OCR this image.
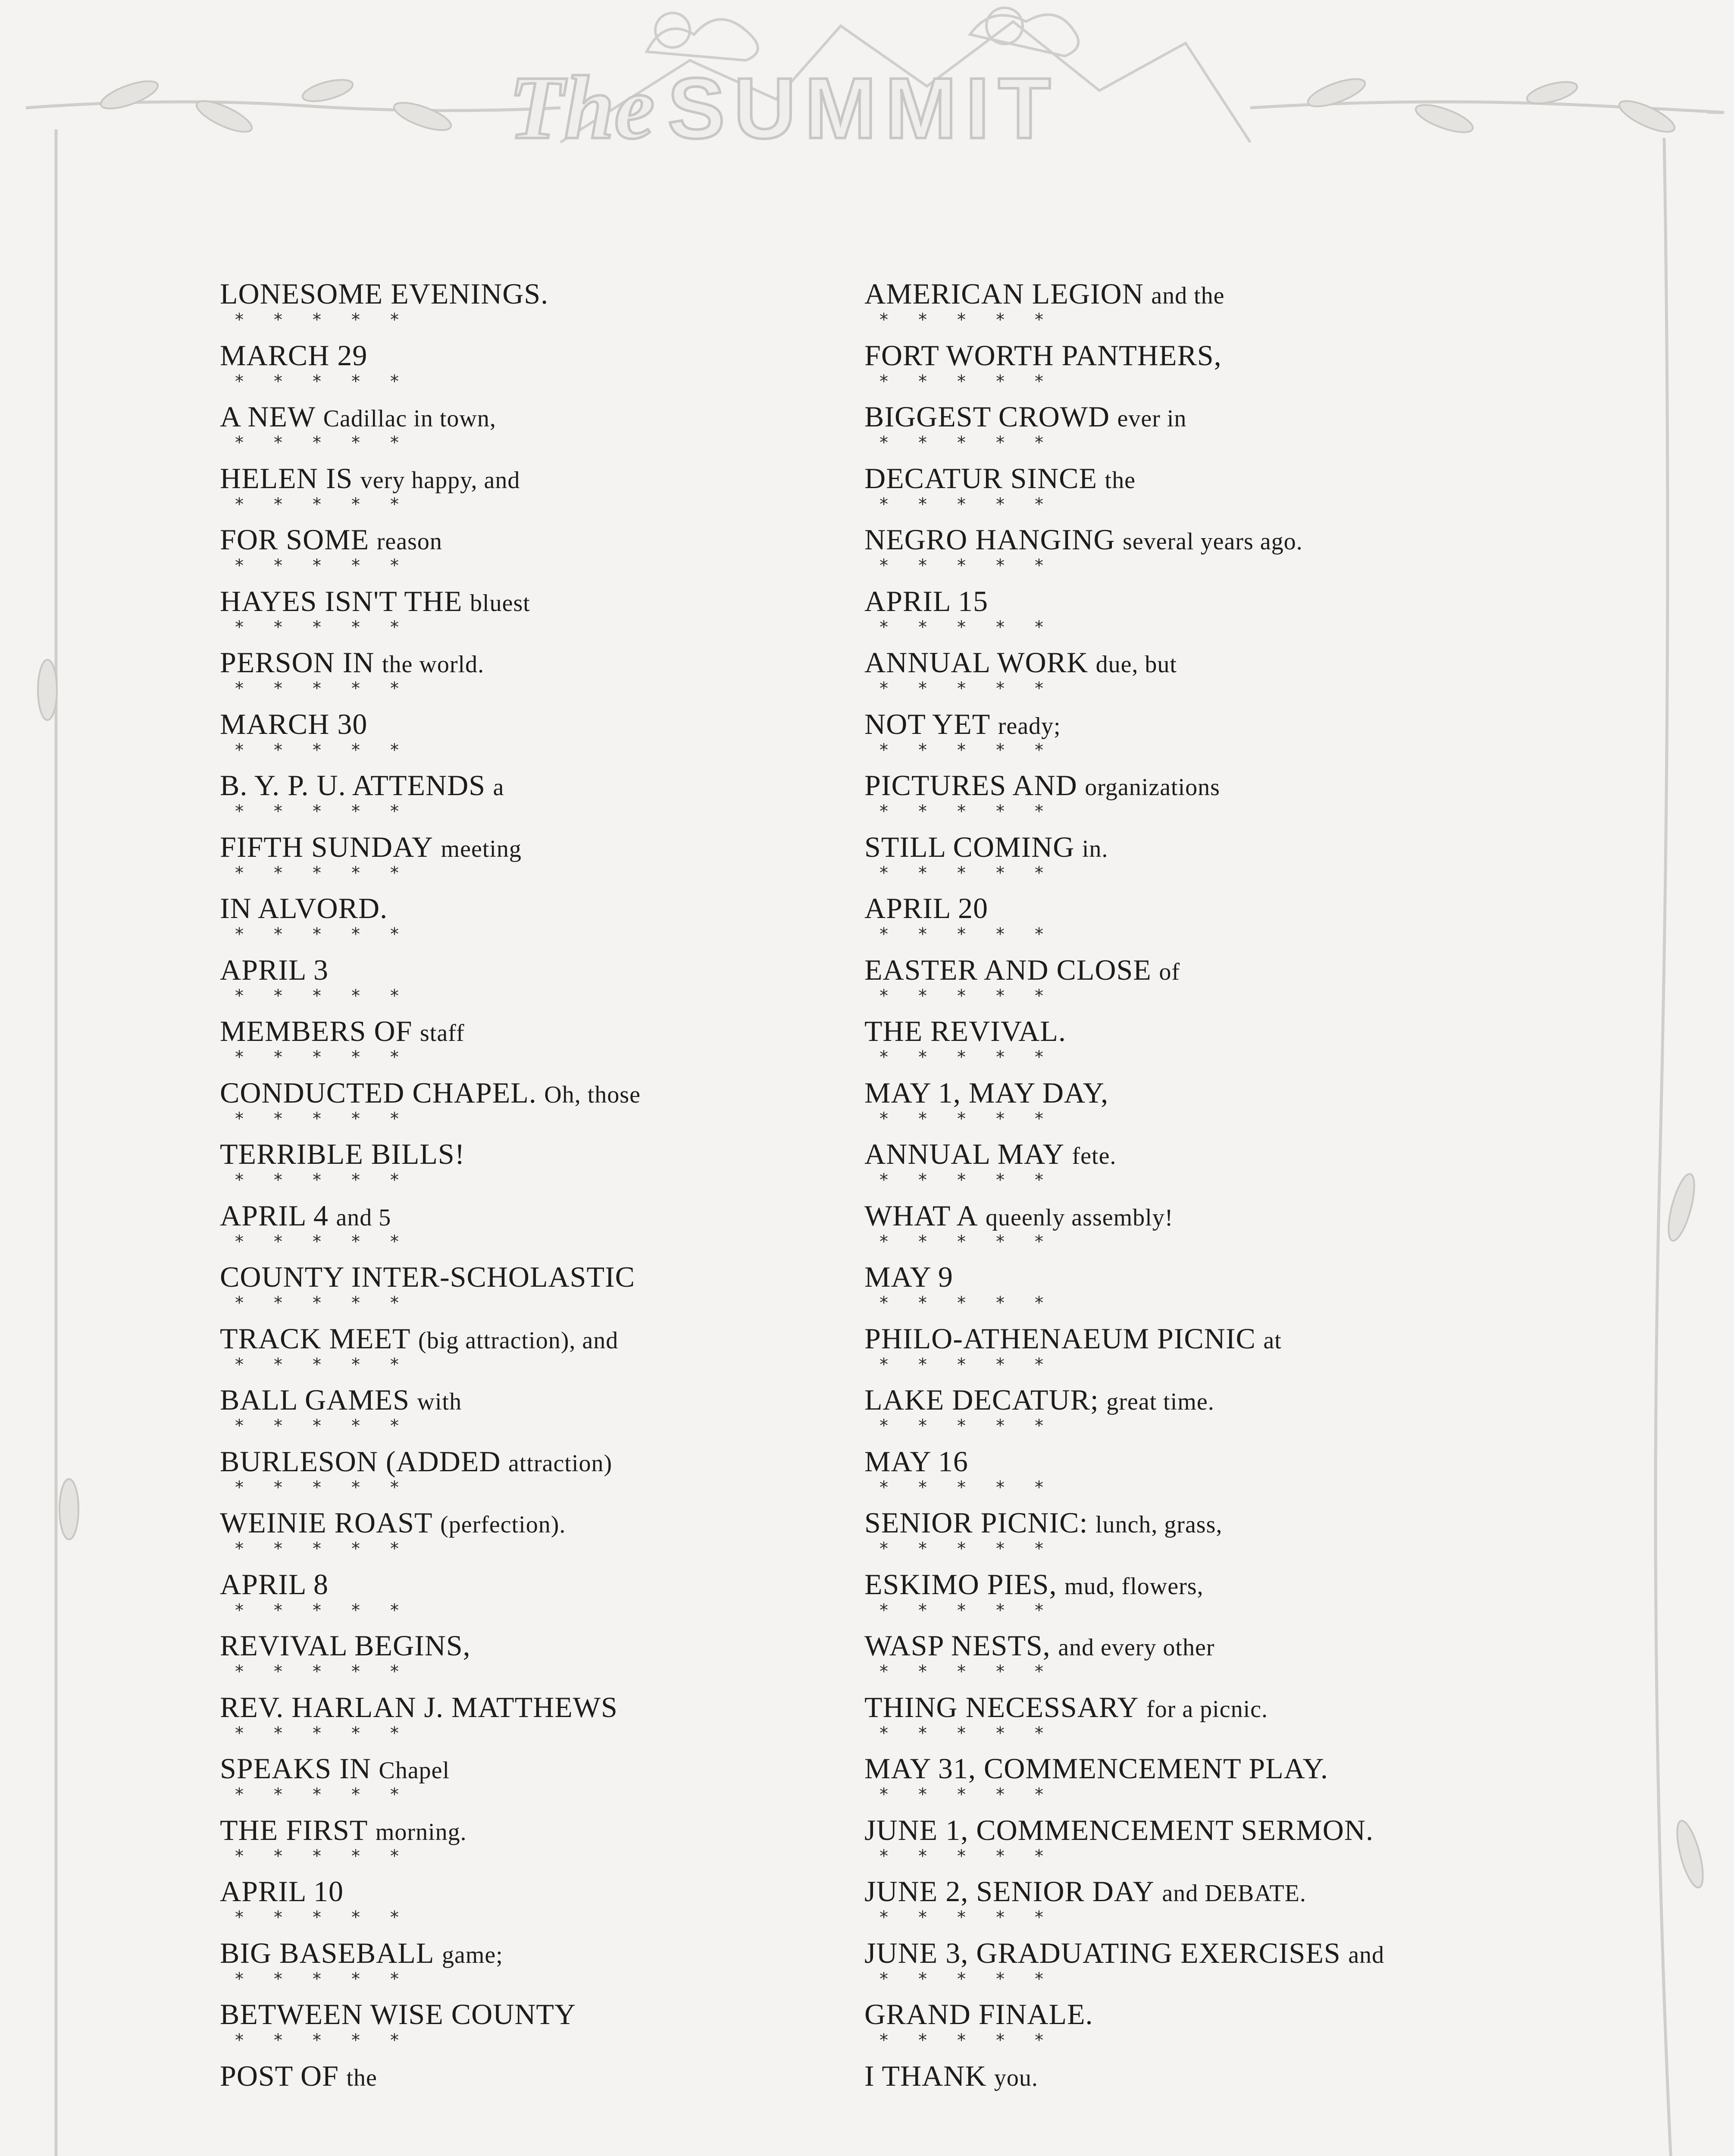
The SUMMIT
LONESOME EVENINGS.
* * * * *
MARCH 29
* * * * *
A NEW Cadillac in town,
* * * * *
HELEN IS very happy, and
* * * * *
FOR SOME reason
* * * * *
HAYES ISN'T THE bluest
* * * * *
PERSON IN the world.
* * * * *
MARCH 30
* * * * *
B. Y. P. U. ATTENDS a
* * * * *
FIFTH SUNDAY meeting
* * * * *
IN ALVORD.
* * * * *
APRIL 3
* * * * *
MEMBERS OF staff
* * * * *
CONDUCTED CHAPEL. Oh, those
* * * * *
TERRIBLE BILLS!
* * * * *
APRIL 4 and 5
* * * * *
COUNTY INTER-SCHOLASTIC
* * * * *
TRACK MEET (big attraction), and
* * * * *
BALL GAMES with
* * * * *
BURLESON (ADDED attraction)
* * * * *
WEINIE ROAST (perfection).
* * * * *
APRIL 8
* * * * *
REVIVAL BEGINS,
* * * * *
REV. HARLAN J. MATTHEWS
* * * * *
SPEAKS IN Chapel
* * * * *
THE FIRST morning.
* * * * *
APRIL 10
* * * * *
BIG BASEBALL game;
* * * * *
BETWEEN WISE COUNTY
* * * * *
POST OF the
AMERICAN LEGION and the
* * * * *
FORT WORTH PANTHERS,
* * * * *
BIGGEST CROWD ever in
* * * * *
DECATUR SINCE the
* * * * *
NEGRO HANGING several years ago.
* * * * *
APRIL 15
* * * * *
ANNUAL WORK due, but
* * * * *
NOT YET ready;
* * * * *
PICTURES AND organizations
* * * * *
STILL COMING in.
* * * * *
APRIL 20
* * * * *
EASTER AND CLOSE of
* * * * *
THE REVIVAL.
* * * * *
MAY 1, MAY DAY,
* * * * *
ANNUAL MAY fete.
* * * * *
WHAT A queenly assembly!
* * * * *
MAY 9
* * * * *
PHILO-ATHENAEUM PICNIC at
* * * * *
LAKE DECATUR; great time.
* * * * *
MAY 16
* * * * *
SENIOR PICNIC: lunch, grass,
* * * * *
ESKIMO PIES, mud, flowers,
* * * * *
WASP NESTS, and every other
* * * * *
THING NECESSARY for a picnic.
* * * * *
MAY 31, COMMENCEMENT PLAY.
* * * * *
JUNE 1, COMMENCEMENT SERMON.
* * * * *
JUNE 2, SENIOR DAY and DEBATE.
* * * * *
JUNE 3, GRADUATING EXERCISES and
* * * * *
GRAND FINALE.
* * * * *
I THANK you.
